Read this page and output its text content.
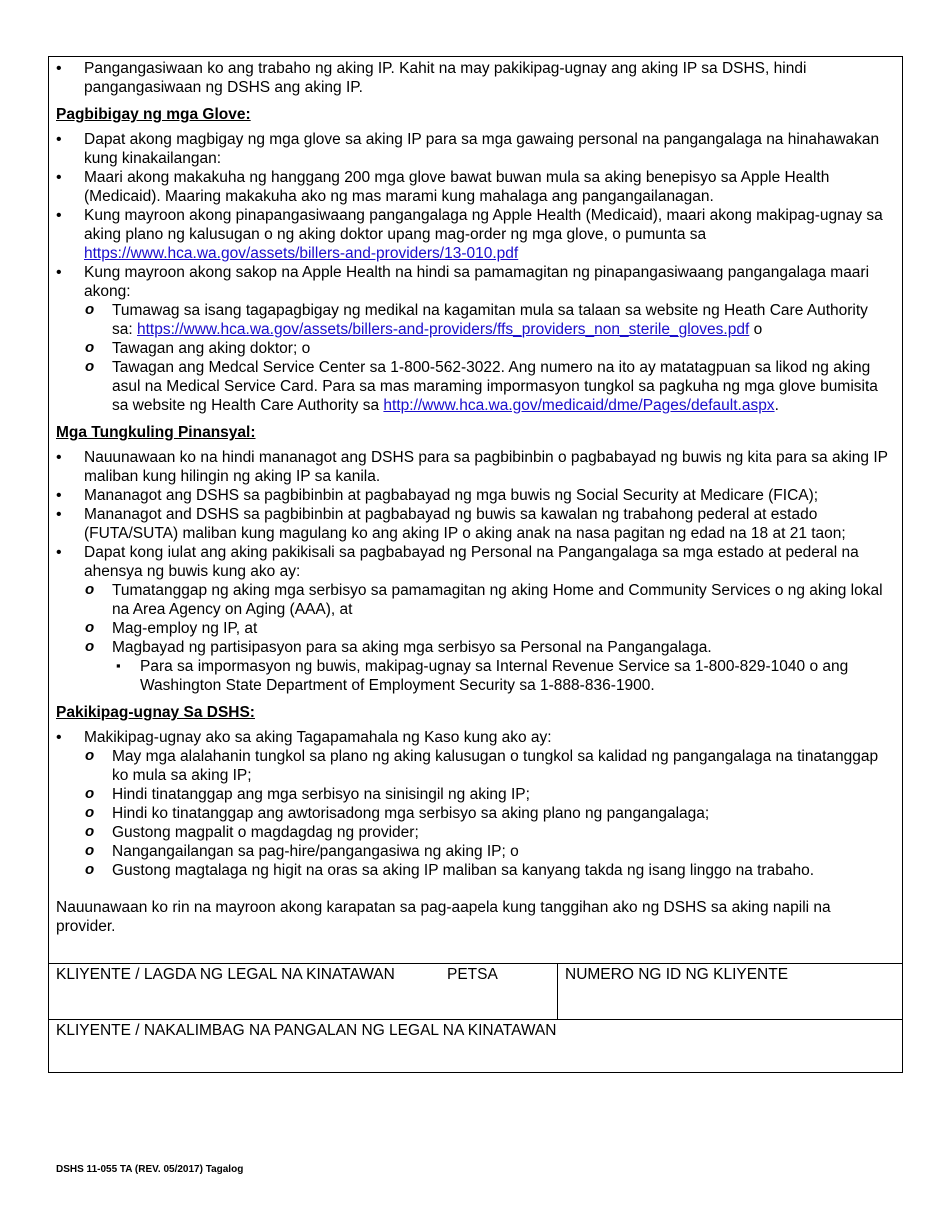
• Pangangasiwaan ko ang trabaho ng aking IP. Kahit na may pakikipag-ugnay ang aking IP sa DSHS, hindi pangangasiwaan ng DSHS ang aking IP.
Pagbibigay ng mga Glove:
• Dapat akong magbigay ng mga glove sa aking IP para sa mga gawaing personal na pangangalaga na hinahawakan kung kinakailangan:
• Maari akong makakuha ng hanggang 200 mga glove bawat buwan mula sa aking benepisyo sa Apple Health (Medicaid). Maaring makakuha ako ng mas marami kung mahalaga ang pangangailanagan.
• Kung mayroon akong pinapangasiwaang pangangalaga ng Apple Health (Medicaid), maari akong makipag-ugnay sa aking plano ng kalusugan o ng aking doktor upang mag-order ng mga glove, o pumunta sa https://www.hca.wa.gov/assets/billers-and-providers/13-010.pdf
• Kung mayroon akong sakop na Apple Health na hindi sa pamamagitan ng pinapangasiwaang pangangalaga maari akong:
o Tumawag sa isang tagapagbigay ng medikal na kagamitan mula sa talaan sa website ng Heath Care Authority sa: https://www.hca.wa.gov/assets/billers-and-providers/ffs_providers_non_sterile_gloves.pdf o
o Tawagan ang aking doktor; o
o Tawagan ang Medcal Service Center sa 1-800-562-3022. Ang numero na ito ay matatagpuan sa likod ng aking asul na Medical Service Card. Para sa mas maraming impormasyon tungkol sa pagkuha ng mga glove bumisita sa website ng Health Care Authority sa http://www.hca.wa.gov/medicaid/dme/Pages/default.aspx.
Mga Tungkuling Pinansyal:
• Nauunawaan ko na hindi mananagot ang DSHS para sa pagbibinbin o pagbabayad ng buwis ng kita para sa aking IP maliban kung hilingin ng aking IP sa kanila.
• Mananagot ang DSHS sa pagbibinbin at pagbabayad ng mga buwis ng Social Security at Medicare (FICA);
• Mananagot and DSHS sa pagbibinbin at pagbabayad ng buwis sa kawalan ng trabahong pederal at estado (FUTA/SUTA) maliban kung magulang ko ang aking IP o aking anak na nasa pagitan ng edad na 18 at 21 taon;
• Dapat kong iulat ang aking pakikisali sa pagbabayad ng Personal na Pangangalaga sa mga estado at pederal na ahensya ng buwis kung ako ay:
o Tumatanggap ng aking mga serbisyo sa pamamagitan ng aking Home and Community Services o ng aking lokal na Area Agency on Aging (AAA), at
o Mag-employ ng IP, at
o Magbayad ng partisipasyon para sa aking mga serbisyo sa Personal na Pangangalaga.
▪ Para sa impormasyon ng buwis, makipag-ugnay sa Internal Revenue Service sa 1-800-829-1040 o ang Washington State Department of Employment Security sa 1-888-836-1900.
Pakikipag-ugnay Sa DSHS:
• Makikipag-ugnay ako sa aking Tagapamahala ng Kaso kung ako ay:
o May mga alalahanin tungkol sa plano ng aking kalusugan o tungkol sa kalidad ng pangangalaga na tinatanggap ko mula sa aking IP;
o Hindi tinatanggap ang mga serbisyo na sinisingil ng aking IP;
o Hindi ko tinatanggap ang awtorisadong mga serbisyo sa aking plano ng pangangalaga;
o Gustong magpalit o magdagdag ng provider;
o Nangangailangan sa pag-hire/pangangasiwa ng aking IP; o
o Gustong magtalaga ng higit na oras sa aking IP maliban sa kanyang takda ng isang linggo na trabaho.
Nauunawaan ko rin na mayroon akong karapatan sa pag-aapela kung tanggihan ako ng DSHS sa aking napili na provider.
KLIYENTE / LAGDA NG LEGAL NA KINATAWAN	PETSA	NUMERO NG ID NG KLIYENTE
KLIYENTE / NAKALIMBAG NA PANGALAN NG LEGAL NA KINATAWAN
DSHS 11-055 TA (REV. 05/2017) Tagalog
